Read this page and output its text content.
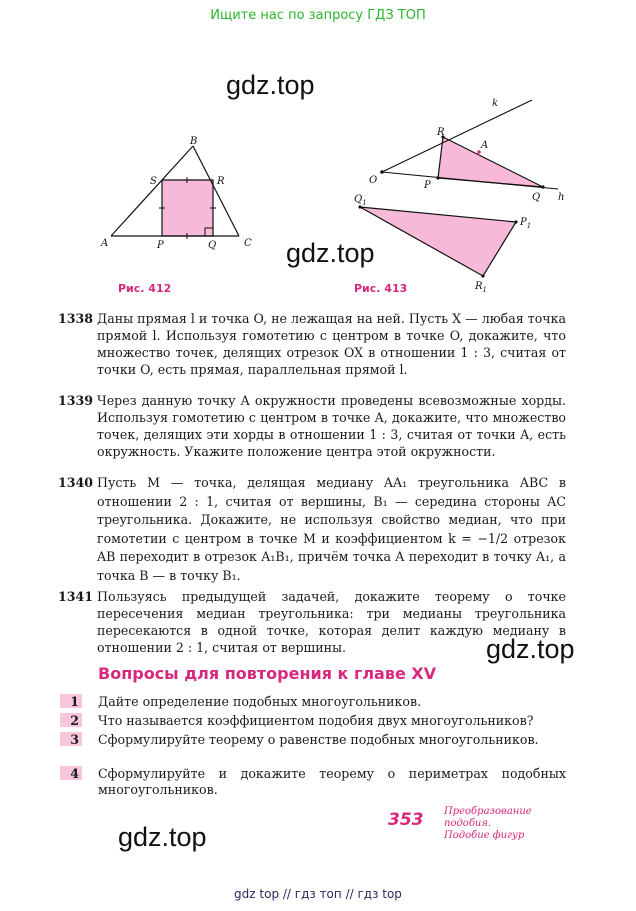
Ищите нас по запросу ГДЗ ТОП
gdz.top
gdz.top
gdz.top
gdz.top
B
S	R
A	P	Q	C
Рис. 412
k
R
A
O	P
Q h
$Q_1$
$P_1$
$R_1$
Рис. 413
1338 Даны прямая l и точка O, не лежащая на ней. Пусть X — любая точка прямой l. Используя гомотетию с центром в точке O, докажите, что множество точек, делящих отрезок OX в отношении 1 : 3, считая от точки O, есть прямая, параллельная прямой l.
1339 Через данную точку A окружности проведены всевозможные хорды. Используя гомотетию с центром в точке A, докажите, что множество точек, делящих эти хорды в отношении 1 : 3, считая от точки A, есть окружность. Укажите положение центра этой окружности.
1340 Пусть M — точка, делящая медиану AA₁ треугольника ABC в отношении 2 : 1, считая от вершины, B₁ — середина стороны AC треугольника. Докажите, не используя свойство медиан, что при гомотетии с центром в точке M и коэффициентом k = −1/2 отрезок AB переходит в отрезок A₁B₁, причём точка A переходит в точку A₁, а точка B — в точку B₁.
1341 Пользуясь предыдущей задачей, докажите теорему о точке пересечения медиан треугольника: три медианы треугольника пересекаются в одной точке, которая делит каждую медиану в отношении 2 : 1, считая от вершины.
Вопросы для повторения к главе XV
1 Дайте определение подобных многоугольников.
2 Что называется коэффициентом подобия двух многоугольников?
3 Сформулируйте теорему о равенстве подобных многоугольников.
4 Сформулируйте и докажите теорему о периметрах подобных многоугольников.
353 Преобразование
подобия.
Подобие фигур
gdz top // гдз топ // гдз top
